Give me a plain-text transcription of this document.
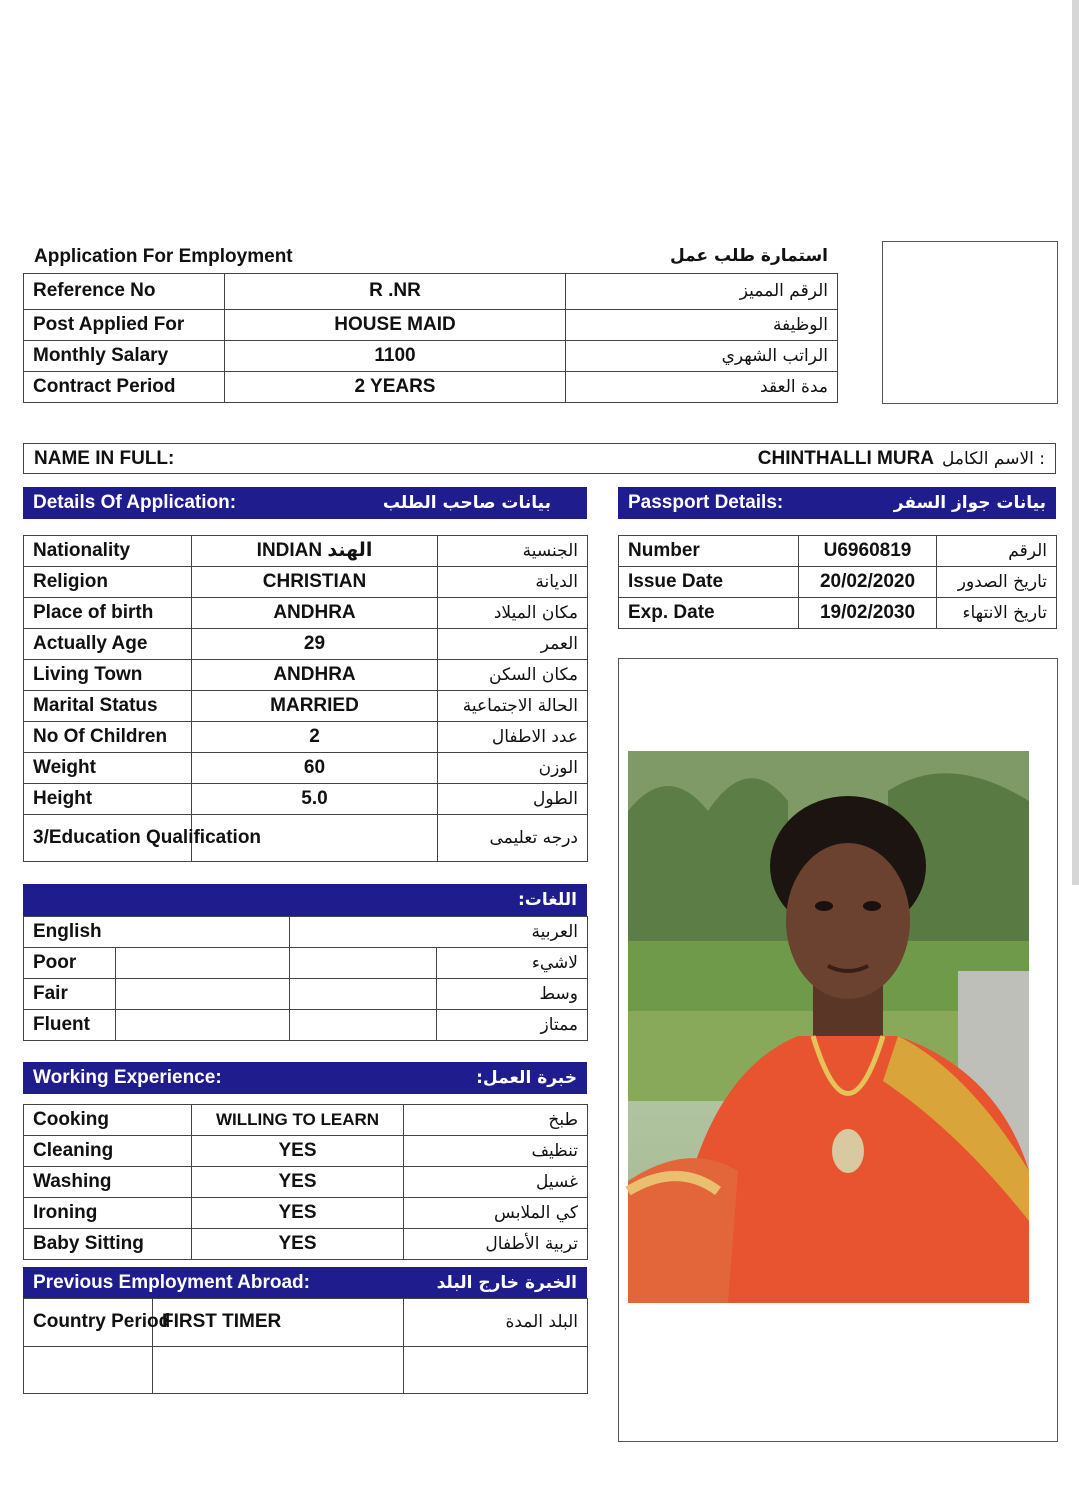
Application For Employment	استمارة طلب عمل
Reference No	R .NR	الرقم المميز
Post Applied For	HOUSE MAID	الوظيفة
Monthly Salary	1100	الراتب الشهري
Contract Period	2 YEARS	مدة العقد
NAME IN FULL:	CHINTHALLI MURA : الاسم الكامل
Details Of Application:	بيانات صاحب الطلب	Passport Details:	بيانات جواز السفر
Nationality	INDIAN الهند	الجنسية
Religion	CHRISTIAN	الديانة
Place of birth	ANDHRA	مكان الميلاد
Actually Age	29	العمر
Living Town	ANDHRA	مكان السكن
Marital Status	MARRIED	الحالة الاجتماعية
No Of Children	2	عدد الاطفال
Weight	60	الوزن
Height	5.0	الطول
3/Education Qualification		درجه تعليمى
Number	U6960819	الرقم
Issue Date	20/02/2020	تاريخ الصدور
Exp. Date	19/02/2030	تاريخ الانتهاء
اللغات:
English		العربية	
Poor			لاشيء
Fair			وسط
Fluent			ممتاز
Working Experience:	خبرة العمل:
Cooking	WILLING TO LEARN	طبخ
Cleaning	YES	تنظيف
Washing	YES	غسيل
Ironing	YES	كي الملابس
Baby Sitting	YES	تربية الأطفال
Previous Employment Abroad:	الخبرة خارج البلد
Country Period	FIRST TIMER	البلد المدة
